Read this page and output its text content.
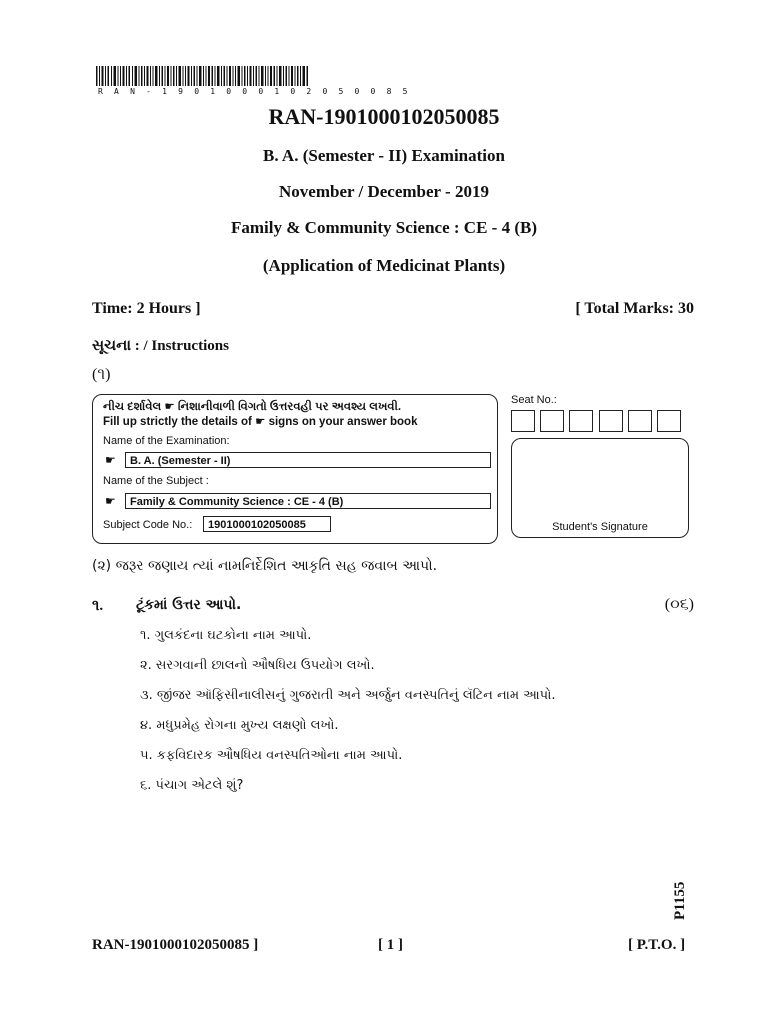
R A N - 1 9 0 1 0 0 0 1 0 2 0 5 0 0 8 5
RAN-1901000102050085
B. A. (Semester - II) Examination
November / December - 2019
Family & Community Science : CE - 4 (B)
(Application of Medicinat Plants)
Time: 2 Hours ]	[ Total Marks: 30
સૂચના : / Instructions
(૧)
નીચ દર્શાવેલ ☛ નિશાનીવાળી વિગતો ઉત્તરવહી પર અવશ્ય લખવી.
Fill up strictly the details of ☛ signs on your answer book
Name of the Examination:
☛	B. A. (Semester - II)
Name of the Subject :
☛	Family & Community Science : CE - 4 (B)
Subject Code No.:	1901000102050085
Seat No.:
Student's Signature
(૨) જરૂર જણાય ત્યાં નામનિર્દેશિત આકૃતિ સહ જવાબ આપો.
૧. ટૂંકમાં ઉત્તર આપો.	(૦૬)
૧. ગુલકંદના ઘટકોના નામ આપો.
૨. સરગવાની છાલનો ઔષધિય ઉપયોગ લખો.
૩. જીંજર ઑફિસીનાલીસનું ગુજરાતી અને અર્જુન વનસ્પતિનું લૅટિન નામ આપો.
૪. મધુપ્રમેહ રોગના મુખ્ય લક્ષણો લખો.
૫. કફવિદારક ઔષધિય વનસ્પતિઓના નામ આપો.
૬. પંચાગ એટલે શું?
RAN-1901000102050085 ]	[ 1 ]	[ P.T.O. ]
P1155
